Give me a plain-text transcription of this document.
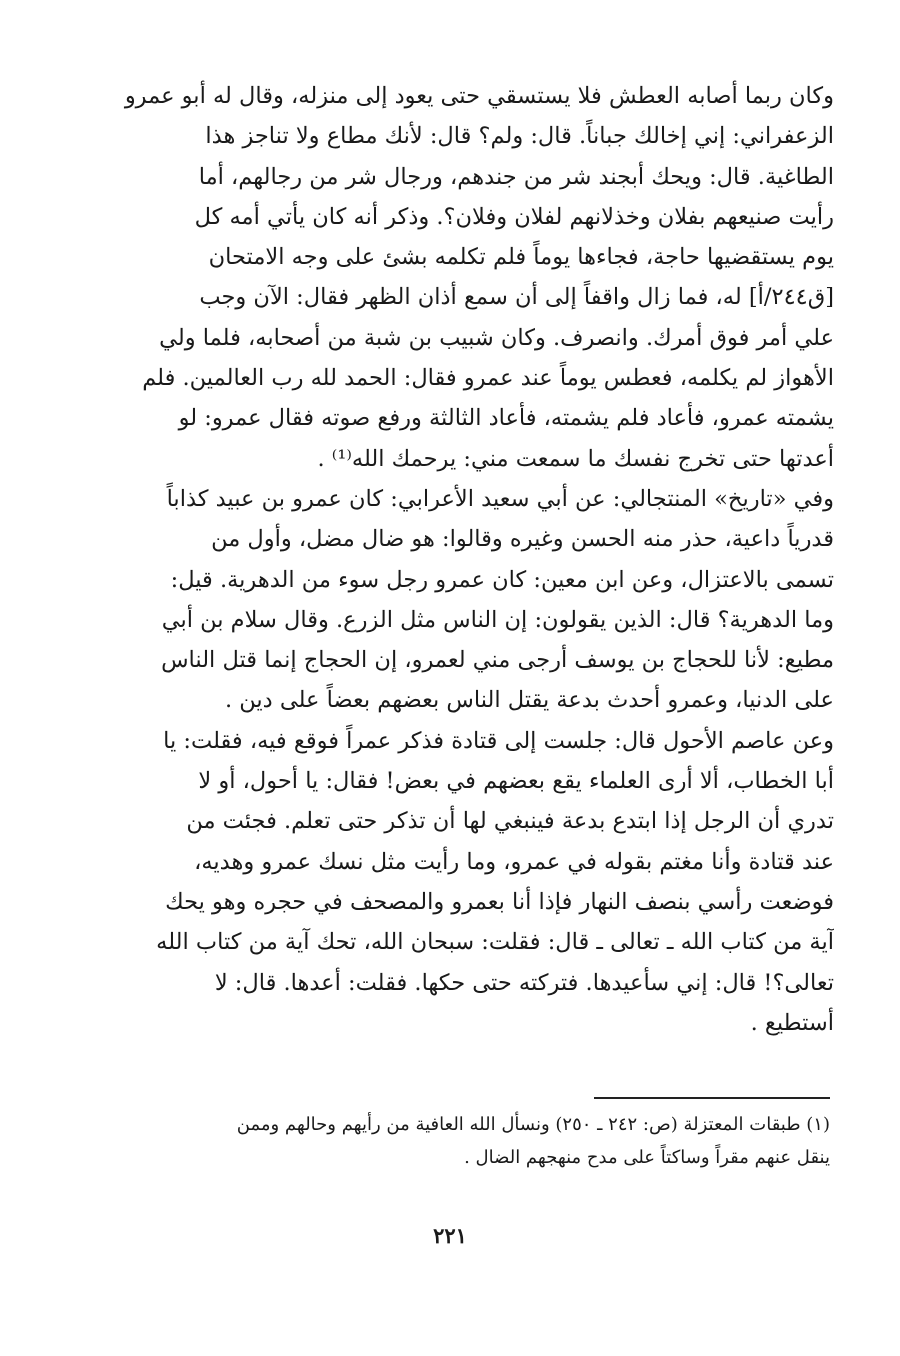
وكان ربما أصابه العطش فلا يستسقي حتى يعود إلى منزله، وقال له أبو عمرو
الزعفراني: إني إخالك جباناً. قال: ولم؟ قال: لأنك مطاع ولا تناجز هذا
الطاغية. قال: ويحك أبجند شر من جندهم، ورجال شر من رجالهم، أما
رأيت صنيعهم بفلان وخذلانهم لفلان وفلان؟. وذكر أنه كان يأتي أمه كل
يوم يستقضيها حاجة، فجاءها يوماً فلم تكلمه بشئ على وجه الامتحان
[ق٢٤٤/أ] له، فما زال واقفاً إلى أن سمع أذان الظهر فقال: الآن وجب
علي أمر فوق أمرك. وانصرف. وكان شبيب بن شبة من أصحابه، فلما ولي
الأهواز لم يكلمه، فعطس يوماً عند عمرو فقال: الحمد لله رب العالمين. فلم
يشمته عمرو، فأعاد فلم يشمته، فأعاد الثالثة ورفع صوته فقال عمرو: لو
أعدتها حتى تخرج نفسك ما سمعت مني: يرحمك الله⁽¹⁾ .
وفي «تاريخ» المنتجالي: عن أبي سعيد الأعرابي: كان عمرو بن عبيد كذاباً
قدرياً داعية، حذر منه الحسن وغيره وقالوا: هو ضال مضل، وأول من
تسمى بالاعتزال، وعن ابن معين: كان عمرو رجل سوء من الدهرية. قيل:
وما الدهرية؟ قال: الذين يقولون: إن الناس مثل الزرع. وقال سلام بن أبي
مطيع: لأنا للحجاج بن يوسف أرجى مني لعمرو، إن الحجاج إنما قتل الناس
على الدنيا، وعمرو أحدث بدعة يقتل الناس بعضهم بعضاً على دين .
وعن عاصم الأحول قال: جلست إلى قتادة فذكر عمراً فوقع فيه، فقلت: يا
أبا الخطاب، ألا أرى العلماء يقع بعضهم في بعض! فقال: يا أحول، أو لا
تدري أن الرجل إذا ابتدع بدعة فينبغي لها أن تذكر حتى تعلم. فجئت من
عند قتادة وأنا مغتم بقوله في عمرو، وما رأيت مثل نسك عمرو وهديه،
فوضعت رأسي بنصف النهار فإذا أنا بعمرو والمصحف في حجره وهو يحك
آية من كتاب الله ـ تعالى ـ قال: فقلت: سبحان الله، تحك آية من كتاب الله
تعالى؟! قال: إني سأعيدها. فتركته حتى حكها. فقلت: أعدها. قال: لا
أستطيع .
(١) طبقات المعتزلة (ص: ٢٤٢ ـ ٢٥٠) ونسأل الله العافية من رأيهم وحالهم وممن
ينقل عنهم مقراً وساكتاً على مدح منهجهم الضال .
٢٢١
